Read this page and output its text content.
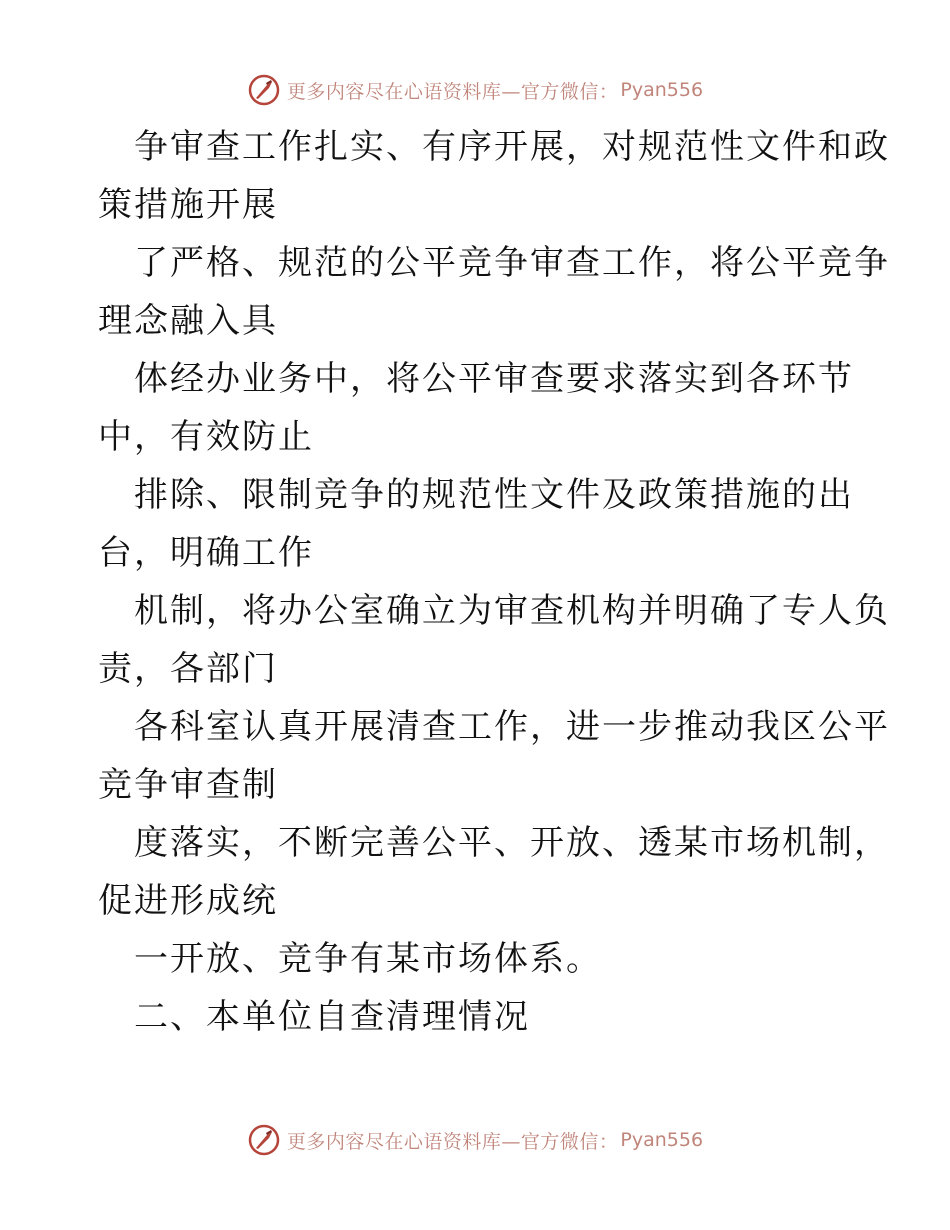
更多内容尽在心语资料库—官方微信： Pyan556
争审查工作扎实、有序开展，对规范性文件和政
策措施开展
了严格、规范的公平竞争审查工作，将公平竞争
理念融入具
体经办业务中，将公平审查要求落实到各环节
中，有效防止
排除、限制竞争的规范性文件及政策措施的出
台，明确工作
机制，将办公室确立为审查机构并明确了专人负
责，各部门
各科室认真开展清查工作，进一步推动我区公平
竞争审查制
度落实，不断完善公平、开放、透某市场机制，
促进形成统
一开放、竞争有某市场体系。
二、本单位自查清理情况
更多内容尽在心语资料库—官方微信： Pyan556
